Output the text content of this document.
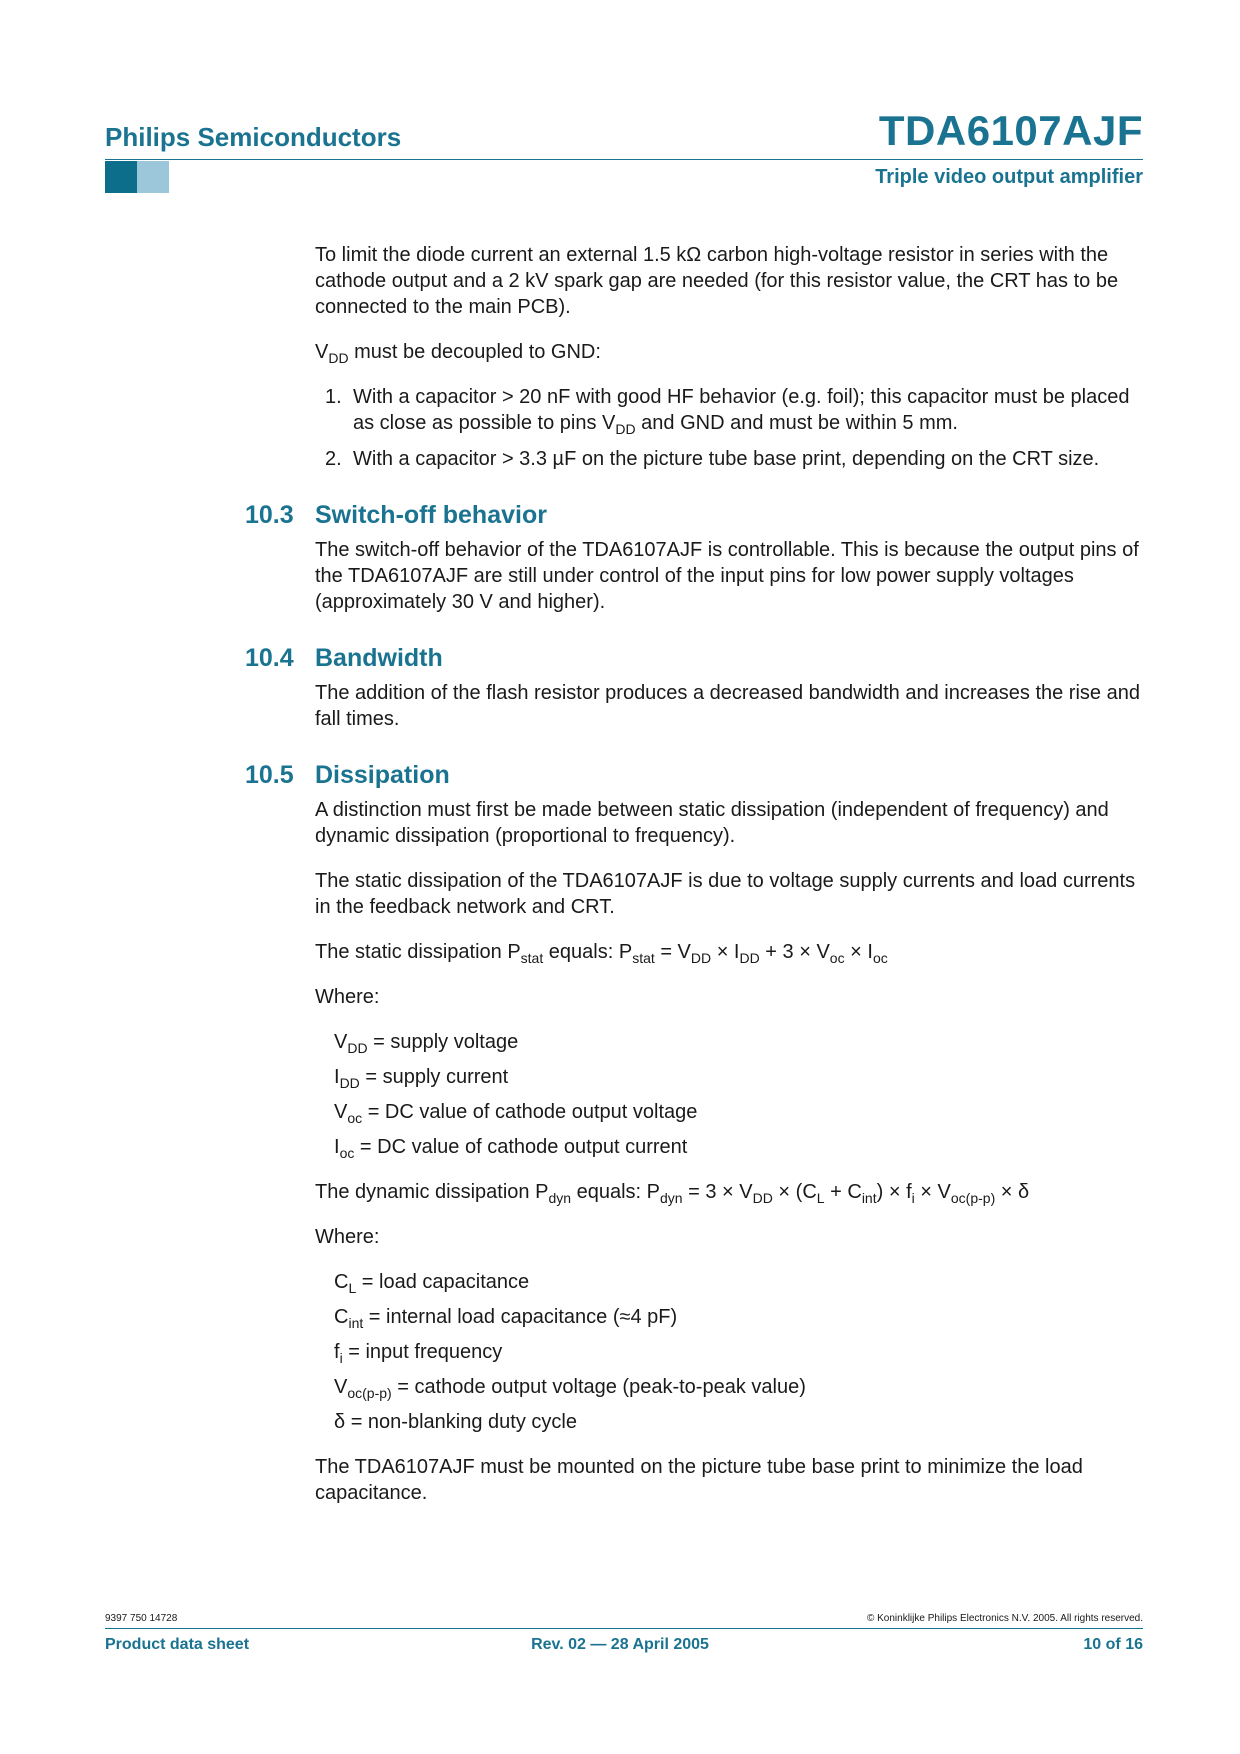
Philips Semiconductors	TDA6107AJF
Triple video output amplifier

To limit the diode current an external 1.5 kΩ carbon high-voltage resistor in series with the cathode output and a 2 kV spark gap are needed (for this resistor value, the CRT has to be connected to the main PCB).

$V_{DD}$ must be decoupled to GND:

1. With a capacitor > 20 nF with good HF behavior (e.g. foil); this capacitor must be placed as close as possible to pins $V_{DD}$ and GND and must be within 5 mm.
2. With a capacitor > 3.3 µF on the picture tube base print, depending on the CRT size.
10.3 Switch-off behavior

The switch-off behavior of the TDA6107AJF is controllable. This is because the output pins of the TDA6107AJF are still under control of the input pins for low power supply voltages (approximately 30 V and higher).

10.4 Bandwidth

The addition of the flash resistor produces a decreased bandwidth and increases the rise and fall times.

10.5 Dissipation

A distinction must first be made between static dissipation (independent of frequency) and dynamic dissipation (proportional to frequency).

The static dissipation of the TDA6107AJF is due to voltage supply currents and load currents in the feedback network and CRT.

The static dissipation $P_{stat}$ equals: $P_{stat} = V_{DD} \times I_{DD} + 3 \times V_{oc} \times I_{oc}$

Where:

$V_{DD}$ = supply voltage

$I_{DD}$ = supply current

$V_{oc}$ = DC value of cathode output voltage

$I_{oc}$ = DC value of cathode output current

The dynamic dissipation $P_{dyn}$ equals: $P_{dyn} = 3 \times V_{DD} \times (C_L + C_{int}) \times f_i \times V_{oc(p-p)} \times \delta$

Where:

$C_L$ = load capacitance

$C_{int}$ = internal load capacitance (≈4 pF)

$f_i$ = input frequency

$V_{oc(p-p)}$ = cathode output voltage (peak-to-peak value)

δ = non-blanking duty cycle

The TDA6107AJF must be mounted on the picture tube base print to minimize the load capacitance.

9397 750 14728	© Koninklijke Philips Electronics N.V. 2005. All rights reserved.
Product data sheet	Rev. 02 — 28 April 2005	10 of 16
